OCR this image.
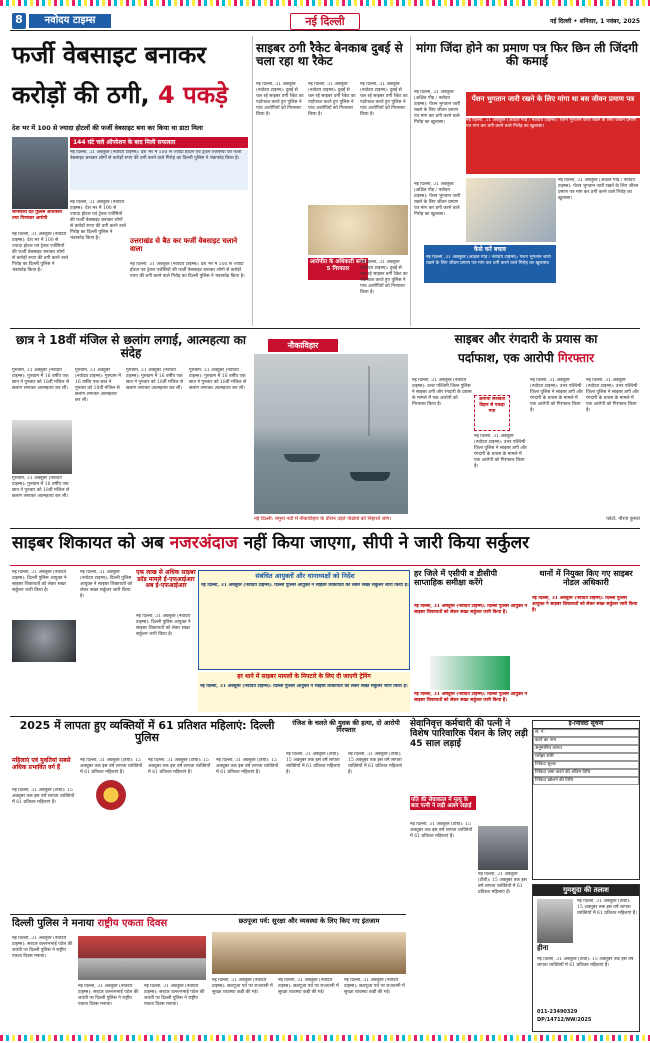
8	नवोदय टाइम्स	नई दिल्ली	नई दिल्ली • शनिवार, 1 नवंबर, 2025
फर्जी वेबसाइट बनाकर
करोड़ों की ठगी, 4 पकड़े
देश भर में 100 से ज्यादा होटलों की फर्जी वेबसाइट बना कर किया था डाटा मिला
जानकारी देते पुलिस अधिकारी तथा गिरफ्तार आरोपी
144 घंटे चले ऑपरेशन के बाद मिली सफलता
नई दिल्ली, 31 अक्तूबर (नवोदय टाइम्स): देश भर में 100 से ज्यादा होटल एवं ट्रेवल एजेंसियों की फर्जी वेबसाइट बनाकर लोगों से करोड़ों रुपए की ठगी करने वाले गिरोह का दिल्ली पुलिस ने भंडाफोड़ किया है।
नई दिल्ली, 31 अक्तूबर (नवोदय टाइम्स): देश भर में 100 से ज्यादा होटल एवं ट्रेवल एजेंसियों की फर्जी वेबसाइट बनाकर लोगों से करोड़ों रुपए की ठगी करने वाले गिरोह का दिल्ली पुलिस ने भंडाफोड़ किया है।
नई दिल्ली, 31 अक्तूबर (नवोदय टाइम्स): देश भर में 100 से ज्यादा होटल एवं ट्रेवल एजेंसियों की फर्जी वेबसाइट बनाकर लोगों से करोड़ों रुपए की ठगी करने वाले गिरोह का दिल्ली पुलिस ने भंडाफोड़ किया है।	उत्तराखंड से बैठ कर फर्जी वेबसाइट चलाने वाला
नई दिल्ली, 31 अक्तूबर (नवोदय टाइम्स): देश भर में 100 से ज्यादा होटल एवं ट्रेवल एजेंसियों की फर्जी वेबसाइट बनाकर लोगों से करोड़ों रुपए की ठगी करने वाले गिरोह का दिल्ली पुलिस ने भंडाफोड़ किया है।
साइबर ठगी रैकेट बेनकाब दुबई से चला रहा था रैकेट
नई दिल्ली, 31 अक्तूबर (नवोदय टाइम्स): दुबई से चल रहे साइबर ठगी रैकेट का पर्दाफाश करते हुए पुलिस ने पांच आरोपियों को गिरफ्तार किया है।
नई दिल्ली, 31 अक्तूबर (नवोदय टाइम्स): दुबई से चल रहे साइबर ठगी रैकेट का पर्दाफाश करते हुए पुलिस ने पांच आरोपियों को गिरफ्तार किया है।
नई दिल्ली, 31 अक्तूबर (नवोदय टाइम्स): दुबई से चल रहे साइबर ठगी रैकेट का पर्दाफाश करते हुए पुलिस ने पांच आरोपियों को गिरफ्तार किया है।
आरोपीत के अधिकारी समेत 5 गिरफ्तार
नई दिल्ली, 31 अक्तूबर (नवोदय टाइम्स): दुबई से चल रहे साइबर ठगी रैकेट का पर्दाफाश करते हुए पुलिस ने पांच आरोपियों को गिरफ्तार किया है।
मांगा जिंदा होने का प्रमाण पत्र फिर छिन ली जिंदगी की कमाई
नई दिल्ली, 31 अक्तूबर (अक्षित गौड़ / नवोदय टाइम्स): पेंशन भुगतान जारी रखने के लिए जीवन प्रमाण पत्र मांग कर ठगी करने वाले गिरोह का खुलासा।
पेंशन भुगतान जारी रखने के लिए मांगा था बस जीवन प्रमाण पत्र
नई दिल्ली, 31 अक्तूबर (अक्षित गौड़ / नवोदय टाइम्स): पेंशन भुगतान जारी रखने के लिए जीवन प्रमाण पत्र मांग कर ठगी करने वाले गिरोह का खुलासा।
नई दिल्ली, 31 अक्तूबर (अक्षित गौड़ / नवोदय टाइम्स): पेंशन भुगतान जारी रखने के लिए जीवन प्रमाण पत्र मांग कर ठगी करने वाले गिरोह का खुलासा।
कैसे करें बचाव
नई दिल्ली, 31 अक्तूबर (अक्षित गौड़ / नवोदय टाइम्स): पेंशन भुगतान जारी रखने के लिए जीवन प्रमाण पत्र मांग कर ठगी करने वाले गिरोह का खुलासा।
नई दिल्ली, 31 अक्तूबर (अक्षित गौड़ / नवोदय टाइम्स): पेंशन भुगतान जारी रखने के लिए जीवन प्रमाण पत्र मांग कर ठगी करने वाले गिरोह का खुलासा।
छात्र ने 18वीं मंजिल से छलांग लगाई, आत्महत्या का संदेह
गुरुग्राम, 31 अक्तूबर (नवोदय टाइम्स): गुरुग्राम में 16 वर्षीय एक छात्र ने गुरुवार को 18वीं मंजिल से छलांग लगाकर आत्महत्या कर ली।
गुरुग्राम, 31 अक्तूबर (नवोदय टाइम्स): गुरुग्राम में 16 वर्षीय एक छात्र ने गुरुवार को 18वीं मंजिल से छलांग लगाकर आत्महत्या कर ली।
गुरुग्राम, 31 अक्तूबर (नवोदय टाइम्स): गुरुग्राम में 16 वर्षीय एक छात्र ने गुरुवार को 18वीं मंजिल से छलांग लगाकर आत्महत्या कर ली।
गुरुग्राम, 31 अक्तूबर (नवोदय टाइम्स): गुरुग्राम में 16 वर्षीय एक छात्र ने गुरुवार को 18वीं मंजिल से छलांग लगाकर आत्महत्या कर ली।
गुरुग्राम, 31 अक्तूबर (नवोदय टाइम्स): गुरुग्राम में 16 वर्षीय एक छात्र ने गुरुवार को 18वीं मंजिल से छलांग लगाकर आत्महत्या कर ली।
नौकाविहार
नई दिल्ली: यमुना नदी में नौकाविहार के दौरान उड़ते पक्षियों को निहारते लोग।	फोटो: नीरज कुमार
साइबर और रंगदारी के प्रयास का
पर्दाफाश, एक आरोपी गिरफ्तार
नई दिल्ली, 31 अक्तूबर (नवोदय टाइम्स): उत्तर पश्चिमी जिला पुलिस ने साइबर ठगी और रंगदारी के प्रयास के मामले में एक आरोपी को गिरफ्तार किया है।
आरोपी सरस्वती विहार से पकड़ा गया
नई दिल्ली, 31 अक्तूबर (नवोदय टाइम्स): उत्तर पश्चिमी जिला पुलिस ने साइबर ठगी और रंगदारी के प्रयास के मामले में एक आरोपी को गिरफ्तार किया है।
नई दिल्ली, 31 अक्तूबर (नवोदय टाइम्स): उत्तर पश्चिमी जिला पुलिस ने साइबर ठगी और रंगदारी के प्रयास के मामले में एक आरोपी को गिरफ्तार किया है।
नई दिल्ली, 31 अक्तूबर (नवोदय टाइम्स): उत्तर पश्चिमी जिला पुलिस ने साइबर ठगी और रंगदारी के प्रयास के मामले में एक आरोपी को गिरफ्तार किया है।
साइबर शिकायत को अब नजरअंदाज नहीं किया जाएगा, सीपी ने जारी किया सर्कुलर
नई दिल्ली, 31 अक्तूबर (नवोदय टाइम्स): दिल्ली पुलिस आयुक्त ने साइबर शिकायतों को लेकर सख्त सर्कुलर जारी किया है।
नई दिल्ली, 31 अक्तूबर (नवोदय टाइम्स): दिल्ली पुलिस आयुक्त ने साइबर शिकायतों को लेकर सख्त सर्कुलर जारी किया है।
एक लाख से अधिक साइबर फ्रॉड मामले ई-एफआईआर
अब ई-एफआईआर
नई दिल्ली, 31 अक्तूबर (नवोदय टाइम्स): दिल्ली पुलिस आयुक्त ने साइबर शिकायतों को लेकर सख्त सर्कुलर जारी किया है।
संबंधित आयुक्तों और थानाध्यक्षों को निर्देश
नई दिल्ली, 31 अक्तूबर (नवोदय टाइम्स): दिल्ली पुलिस आयुक्त ने साइबर शिकायतों को लेकर सख्त सर्कुलर जारी किया है।
हर थाने में साइबर मामलों के निपटारे के लिए दी जाएगी ट्रेनिंग
नई दिल्ली, 31 अक्तूबर (नवोदय टाइम्स): दिल्ली पुलिस आयुक्त ने साइबर शिकायतों को लेकर सख्त सर्कुलर जारी किया है।
हर जिले में एसीपी व डीसीपी साप्ताहिक समीक्षा करेंगे
नई दिल्ली, 31 अक्तूबर (नवोदय टाइम्स): दिल्ली पुलिस आयुक्त ने साइबर शिकायतों को लेकर सख्त सर्कुलर जारी किया है।
नई दिल्ली, 31 अक्तूबर (नवोदय टाइम्स): दिल्ली पुलिस आयुक्त ने साइबर शिकायतों को लेकर सख्त सर्कुलर जारी किया है।
थानों में नियुक्त किए गए साइबर नोडल अधिकारी
नई दिल्ली, 31 अक्तूबर (नवोदय टाइम्स): दिल्ली पुलिस आयुक्त ने साइबर शिकायतों को लेकर सख्त सर्कुलर जारी किया है।
2025 में लापता हुए व्यक्तियों में 61 प्रतिशत महिलाएं: दिल्ली पुलिस
महिलाएं एवं युवतियां सबसे अधिक प्रभावित वर्ग हैं
नई दिल्ली, 31 अक्तूबर (टीबी): 15 अक्तूबर तक इस वर्ष लापता व्यक्तियों में 61 प्रतिशत महिलाएं हैं।
नई दिल्ली, 31 अक्तूबर (टीबी): 15 अक्तूबर तक इस वर्ष लापता व्यक्तियों में 61 प्रतिशत महिलाएं हैं।
नई दिल्ली, 31 अक्तूबर (टीबी): 15 अक्तूबर तक इस वर्ष लापता व्यक्तियों में 61 प्रतिशत महिलाएं हैं।
नई दिल्ली, 31 अक्तूबर (टीबी): 15 अक्तूबर तक इस वर्ष लापता व्यक्तियों में 61 प्रतिशत महिलाएं हैं।
रंजिश के चलते की युवक की हत्या, दो आरोपी गिरफ्तार
नई दिल्ली, 31 अक्तूबर (टीबी): 15 अक्तूबर तक इस वर्ष लापता व्यक्तियों में 61 प्रतिशत महिलाएं हैं।
नई दिल्ली, 31 अक्तूबर (टीबी): 15 अक्तूबर तक इस वर्ष लापता व्यक्तियों में 61 प्रतिशत महिलाएं हैं।
सेवानिवृत्त कर्मचारी की पत्नी ने विशेष पारिवारिक पेंशन के लिए लड़ी 45 साल लड़ाई
पति की सेवाकाल में मृत्यु के बाद पत्नी ने लड़ी अलग लड़ाई
नई दिल्ली, 31 अक्तूबर (टीबी): 15 अक्तूबर तक इस वर्ष लापता व्यक्तियों में 61 प्रतिशत महिलाएं हैं।
नई दिल्ली, 31 अक्तूबर (टीबी): 15 अक्तूबर तक इस वर्ष लापता व्यक्तियों में 61 प्रतिशत महिलाएं हैं।
ई-निविदा सूचना
सं. नं.
कार्य का नाम
अनुमानित लागत
धरोहर राशि
निविदा शुल्क
निविदा जमा करने की अंतिम तिथि
निविदा खोलने की तिथि
गुमशुदा की तलाश
नई दिल्ली, 31 अक्तूबर (टीबी): 15 अक्तूबर तक इस वर्ष लापता व्यक्तियों में 61 प्रतिशत महिलाएं हैं।
हीना
नई दिल्ली, 31 अक्तूबर (टीबी): 15 अक्तूबर तक इस वर्ष लापता व्यक्तियों में 61 प्रतिशत महिलाएं हैं।
011-23490329
DP/14712/NW/2025
दिल्ली पुलिस ने मनाया राष्ट्रीय एकता दिवस
नई दिल्ली, 31 अक्तूबर (नवोदय टाइम्स): सरदार वल्लभभाई पटेल की जयंती पर दिल्ली पुलिस ने राष्ट्रीय एकता दिवस मनाया।
नई दिल्ली, 31 अक्तूबर (नवोदय टाइम्स): सरदार वल्लभभाई पटेल की जयंती पर दिल्ली पुलिस ने राष्ट्रीय एकता दिवस मनाया।
नई दिल्ली, 31 अक्तूबर (नवोदय टाइम्स): सरदार वल्लभभाई पटेल की जयंती पर दिल्ली पुलिस ने राष्ट्रीय एकता दिवस मनाया।
छठपूजा पर्व: सुरक्षा और व्यवस्था के लिए किए गए इंतजाम
नई दिल्ली, 31 अक्तूबर (नवोदय टाइम्स): छठपूजा पर्व पर राजधानी में सुरक्षा व्यवस्था कड़ी की गई।
नई दिल्ली, 31 अक्तूबर (नवोदय टाइम्स): छठपूजा पर्व पर राजधानी में सुरक्षा व्यवस्था कड़ी की गई।
नई दिल्ली, 31 अक्तूबर (नवोदय टाइम्स): छठपूजा पर्व पर राजधानी में सुरक्षा व्यवस्था कड़ी की गई।
